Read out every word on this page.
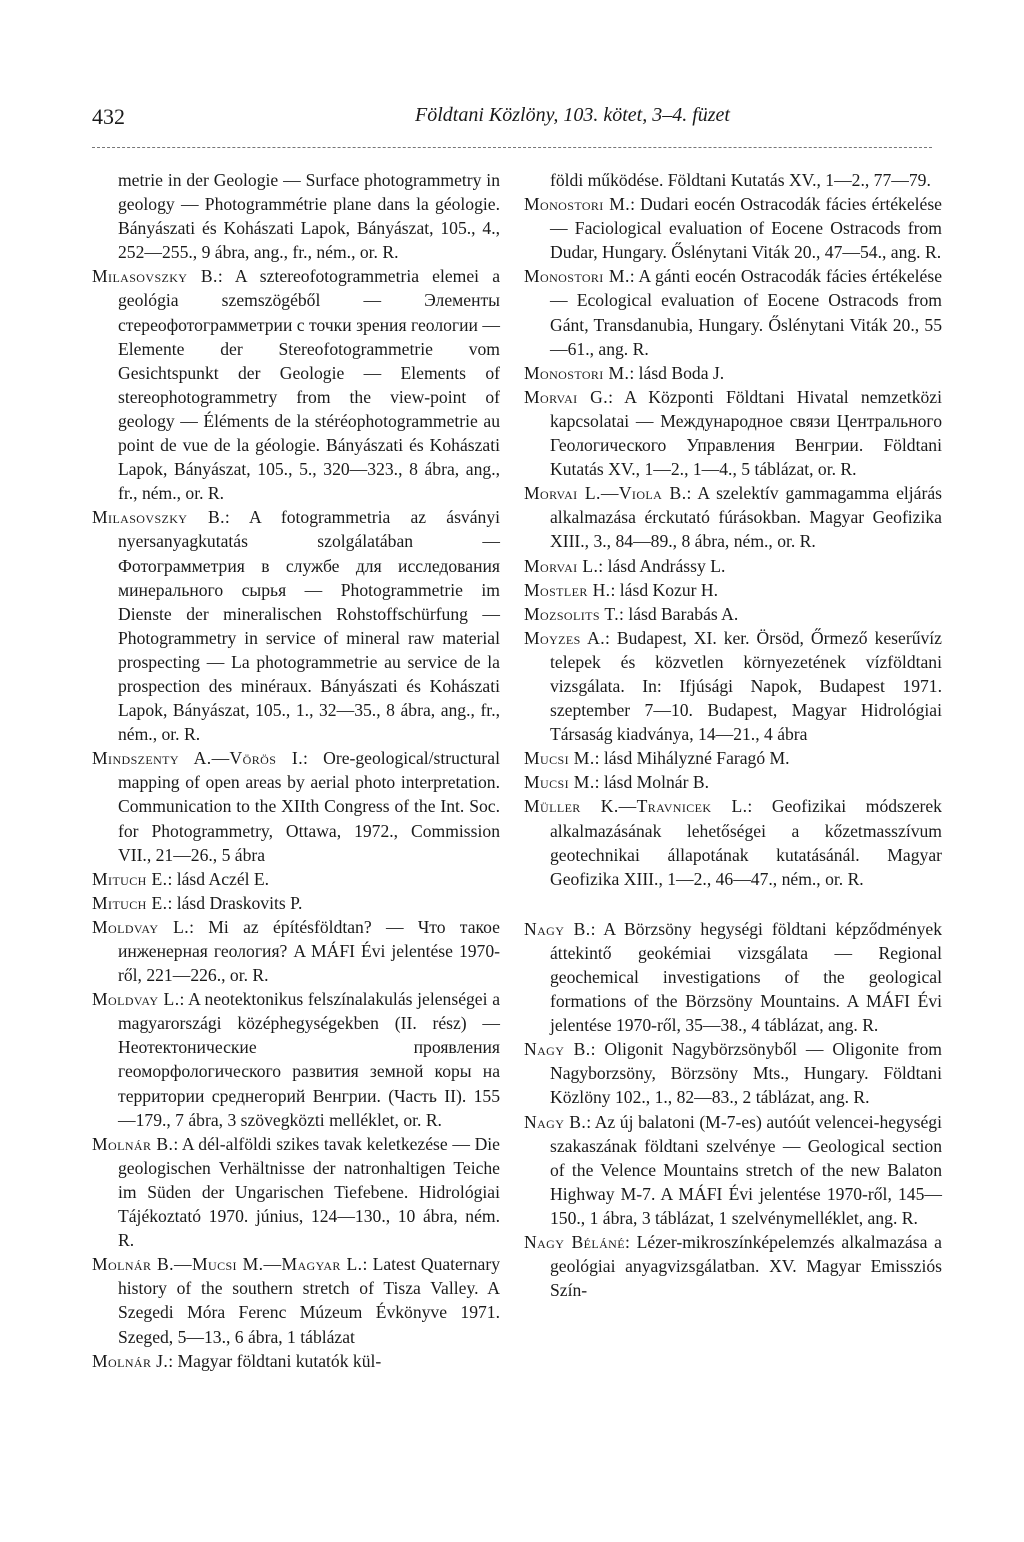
432	Földtani Közlöny, 103. kötet, 3–4. füzet
metrie in der Geologie — Surface photogrammetry in geology — Photogrammétrie plane dans la géologie. Bányászati és Kohászati Lapok, Bányászat, 105., 4., 252—255., 9 ábra, ang., fr., ném., or. R.
Milasovszky B.: A sztereofotogrammetria elemei a geológia szemszögéből — Элементы стереофотограмметрии с точки зрения геологии — Elemente der Stereofotogrammetrie vom Gesichtspunkt der Geologie — Elements of stereophotogrammetry from the view-point of geology — Éléments de la stéréophotogrammetrie au point de vue de la géologie. Bányászati és Kohászati Lapok, Bányászat, 105., 5., 320—323., 8 ábra, ang., fr., ném., or. R.
Milasovszky B.: A fotogrammetria az ásványi nyersanyagkutatás szolgálatában — Фотограмметрия в службе для исследования минерального сырья — Photogrammetrie im Dienste der mineralischen Rohstoffschürfung — Photogrammetry in service of mineral raw material prospecting — La photogrammetrie au service de la prospection des minéraux. Bányászati és Kohászati Lapok, Bányászat, 105., 1., 32—35., 8 ábra, ang., fr., ném., or. R.
Mindszenty A.—Vörös I.: Ore-geological/structural mapping of open areas by aerial photo interpretation. Communication to the XIIth Congress of the Int. Soc. for Photogrammetry, Ottawa, 1972., Commission VII., 21—26., 5 ábra
Mituch E.: lásd Aczél E.
Mituch E.: lásd Draskovits P.
Moldvay L.: Mi az építésföldtan? — Что такое инженерная геология? A MÁFI Évi jelentése 1970-ről, 221—226., or. R.
Moldvay L.: A neotektonikus felszínalakulás jelenségei a magyarországi középhegységekben (II. rész) — Неотектонические проявления геоморфологического развития земной коры на территории среднегорий Венгрии. (Часть II). 155—179., 7 ábra, 3 szövegközti melléklet, or. R.
Molnár B.: A dél-alföldi szikes tavak keletkezése — Die geologischen Verhältnisse der natronhaltigen Teiche im Süden der Ungarischen Tiefebene. Hidrológiai Tájékoztató 1970. június, 124—130., 10 ábra, ném. R.
Molnár B.—Mucsi M.—Magyar L.: Latest Quaternary history of the southern stretch of Tisza Valley. A Szegedi Móra Ferenc Múzeum Évkönyve 1971. Szeged, 5—13., 6 ábra, 1 táblázat
Molnár J.: Magyar földtani kutatók kül-
földi működése. Földtani Kutatás XV., 1—2., 77—79.
Monostori M.: Dudari eocén Ostracodák fácies értékelése — Faciological evaluation of Eocene Ostracods from Dudar, Hungary. Őslénytani Viták 20., 47—54., ang. R.
Monostori M.: A gánti eocén Ostracodák fácies értékelése — Ecological evaluation of Eocene Ostracods from Gánt, Transdanubia, Hungary. Őslénytani Viták 20., 55—61., ang. R.
Monostori M.: lásd Boda J.
Morvai G.: A Központi Földtani Hivatal nemzetközi kapcsolatai — Международное связи Центрального Геологического Управления Венгрии. Földtani Kutatás XV., 1—2., 1—4., 5 táblázat, or. R.
Morvai L.—Viola B.: A szelektív gammagamma eljárás alkalmazása érckutató fúrásokban. Magyar Geofizika XIII., 3., 84—89., 8 ábra, ném., or. R.
Morvai L.: lásd Andrássy L.
Mostler H.: lásd Kozur H.
Mozsolits T.: lásd Barabás A.
Moyzes A.: Budapest, XI. ker. Örsöd, Őrmező keserűvíz telepek és közvetlen környezetének vízföldtani vizsgálata. In: Ifjúsági Napok, Budapest 1971. szeptember 7—10. Budapest, Magyar Hidrológiai Társaság kiadványa, 14—21., 4 ábra
Mucsi M.: lásd Mihályzné Faragó M.
Mucsi M.: lásd Molnár B.
Müller K.—Travnicek L.: Geofizikai módszerek alkalmazásának lehetőségei a kőzetmasszívum geotechnikai állapotának kutatásánál. Magyar Geofizika XIII., 1—2., 46—47., ném., or. R.
Nagy B.: A Börzsöny hegységi földtani képződmények áttekintő geokémiai vizsgálata — Regional geochemical investigations of the geological formations of the Börzsöny Mountains. A MÁFI Évi jelentése 1970-ről, 35—38., 4 táblázat, ang. R.
Nagy B.: Oligonit Nagybörzsönyből — Oligonite from Nagyborzsöny, Börzsöny Mts., Hungary. Földtani Közlöny 102., 1., 82—83., 2 táblázat, ang. R.
Nagy B.: Az új balatoni (M-7-es) autóút velencei-hegységi szakaszának földtani szelvénye — Geological section of the Velence Mountains stretch of the new Balaton Highway M-7. A MÁFI Évi jelentése 1970-ről, 145—150., 1 ábra, 3 táblázat, 1 szelvénymelléklet, ang. R.
Nagy Béláné: Lézer-mikroszínképelemzés alkalmazása a geológiai anyagvizsgálatban. XV. Magyar Emissziós Szín-
